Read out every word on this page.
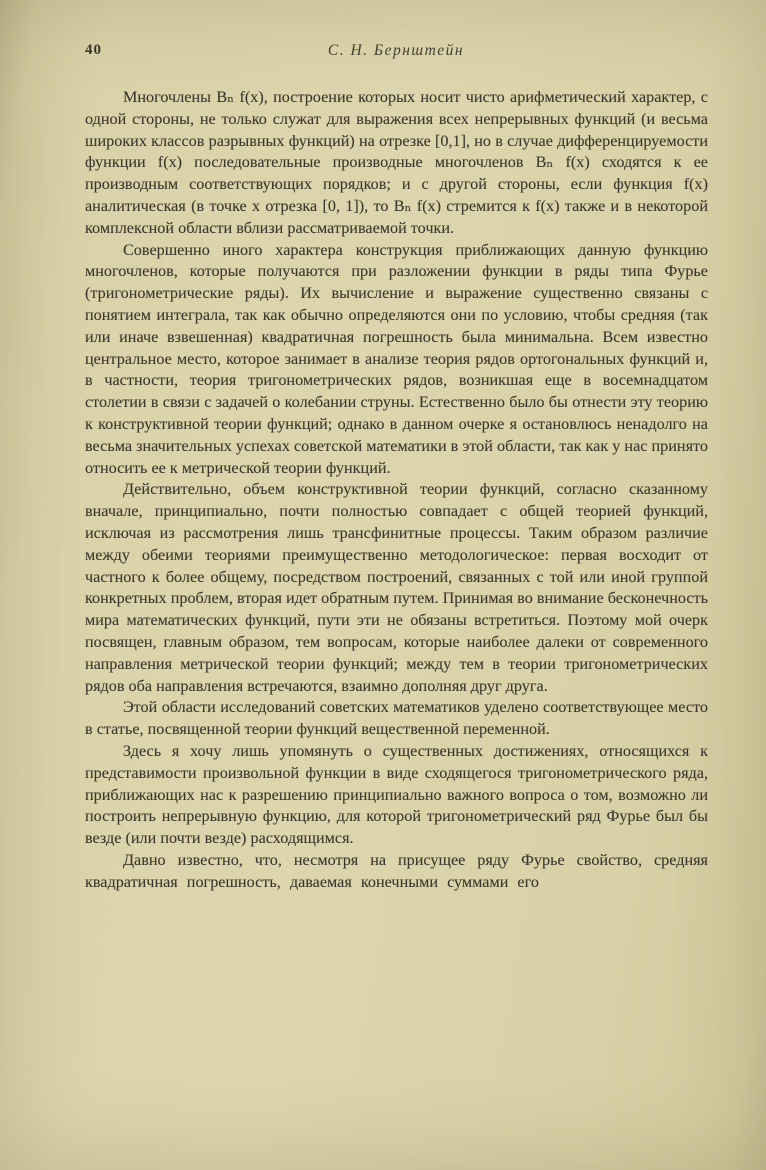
40	С. Н. Бернштейн

Многочлены Bₙ f(x), построение которых носит чисто арифметический характер, с одной стороны, не только служат для выражения всех непрерывных функций (и весьма широких классов разрывных функций) на отрезке [0,1], но в случае дифференцируемости функции f(x) последовательные производные многочленов Bₙ f(x) сходятся к ее производным соответствующих порядков; и с другой стороны, если функция f(x) аналитическая (в точке x отрезка [0, 1]), то Bₙ f(x) стремится к f(x) также и в некоторой комплексной области вблизи рассматриваемой точки.

Совершенно иного характера конструкция приближающих данную функцию многочленов, которые получаются при разложении функции в ряды типа Фурье (тригонометрические ряды). Их вычисление и выражение существенно связаны с понятием интеграла, так как обычно определяются они по условию, чтобы средняя (так или иначе взвешенная) квадратичная погрешность была минимальна. Всем известно центральное место, которое занимает в анализе теория рядов ортогональных функций и, в частности, теория тригонометрических рядов, возникшая еще в восемнадцатом столетии в связи с задачей о колебании струны. Естественно было бы отнести эту теорию к конструктивной теории функций; однако в данном очерке я остановлюсь ненадолго на весьма значительных успехах советской математики в этой области, так как у нас принято относить ее к метрической теории функций.

Действительно, объем конструктивной теории функций, согласно сказанному вначале, принципиально, почти полностью совпадает с общей теорией функций, исключая из рассмотрения лишь трансфинитные процессы. Таким образом различие между обеими теориями преимущественно методологическое: первая восходит от частного к более общему, посредством построений, связанных с той или иной группой конкретных проблем, вторая идет обратным путем. Принимая во внимание бесконечность мира математических функций, пути эти не обязаны встретиться. Поэтому мой очерк посвящен, главным образом, тем вопросам, которые наиболее далеки от современного направления метрической теории функций; между тем в теории тригонометрических рядов оба направления встречаются, взаимно дополняя друг друга.

Этой области исследований советских математиков уделено соответствующее место в статье, посвященной теории функций вещественной переменной.

Здесь я хочу лишь упомянуть о существенных достижениях, относящихся к представимости произвольной функции в виде сходящегося тригонометрического ряда, приближающих нас к разрешению принципиально важного вопроса о том, возможно ли построить непрерывную функцию, для которой тригонометрический ряд Фурье был бы везде (или почти везде) расходящимся.

Давно известно, что, несмотря на присущее ряду Фурье свойство, средняя квадратичная погрешность, даваемая конечными суммами его
